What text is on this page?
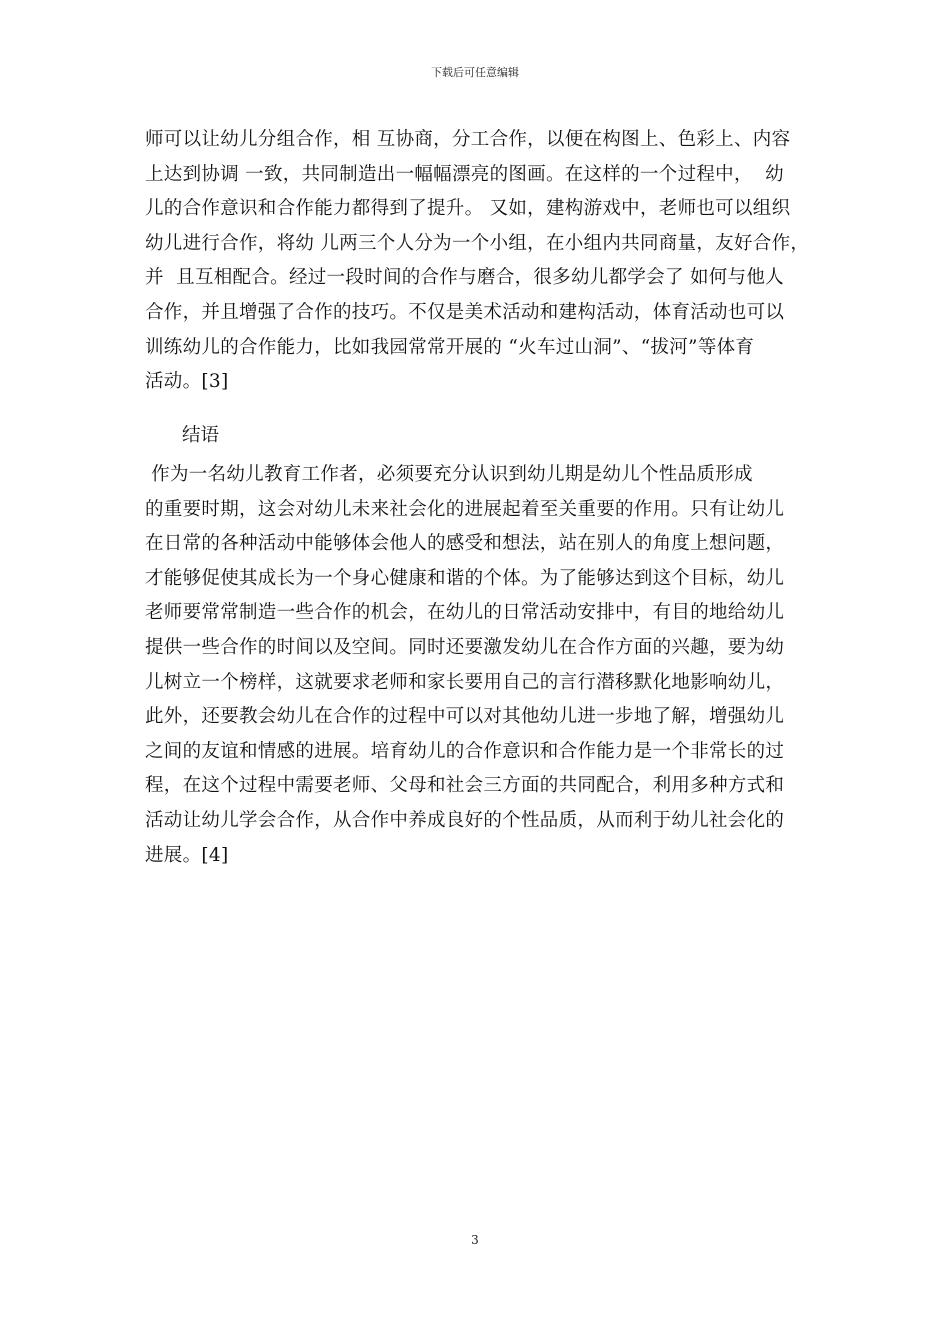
下载后可任意编辑
师可以让幼儿分组合作，相 互协商，分工合作，以便在构图上、色彩上、内容
上达到协调 一致，共同制造出一幅幅漂亮的图画。在这样的一个过程中，  幼
儿的合作意识和合作能力都得到了提升。 又如，建构游戏中，老师也可以组织
幼儿进行合作，将幼 儿两三个人分为一个小组，在小组内共同商量，友好合作，
并  且互相配合。经过一段时间的合作与磨合，很多幼儿都学会了 如何与他人
合作，并且增强了合作的技巧。不仅是美术活动和建构活动，体育活动也可以
训练幼儿的合作能力，比如我园常常开展的 “火车过山洞”、“拔河”等体育
活动。[3]
结语
作为一名幼儿教育工作者，必须要充分认识到幼儿期是幼儿个性品质形成
的重要时期，这会对幼儿未来社会化的进展起着至关重要的作用。只有让幼儿
在日常的各种活动中能够体会他人的感受和想法，站在别人的角度上想问题，
才能够促使其成长为一个身心健康和谐的个体。为了能够达到这个目标，幼儿
老师要常常制造一些合作的机会，在幼儿的日常活动安排中，有目的地给幼儿
提供一些合作的时间以及空间。同时还要激发幼儿在合作方面的兴趣，要为幼
儿树立一个榜样，这就要求老师和家长要用自己的言行潜移默化地影响幼儿，
此外，还要教会幼儿在合作的过程中可以对其他幼儿进一步地了解，增强幼儿
之间的友谊和情感的进展。培育幼儿的合作意识和合作能力是一个非常长的过
程，在这个过程中需要老师、父母和社会三方面的共同配合，利用多种方式和
活动让幼儿学会合作，从合作中养成良好的个性品质，从而利于幼儿社会化的
进展。[4]
3
